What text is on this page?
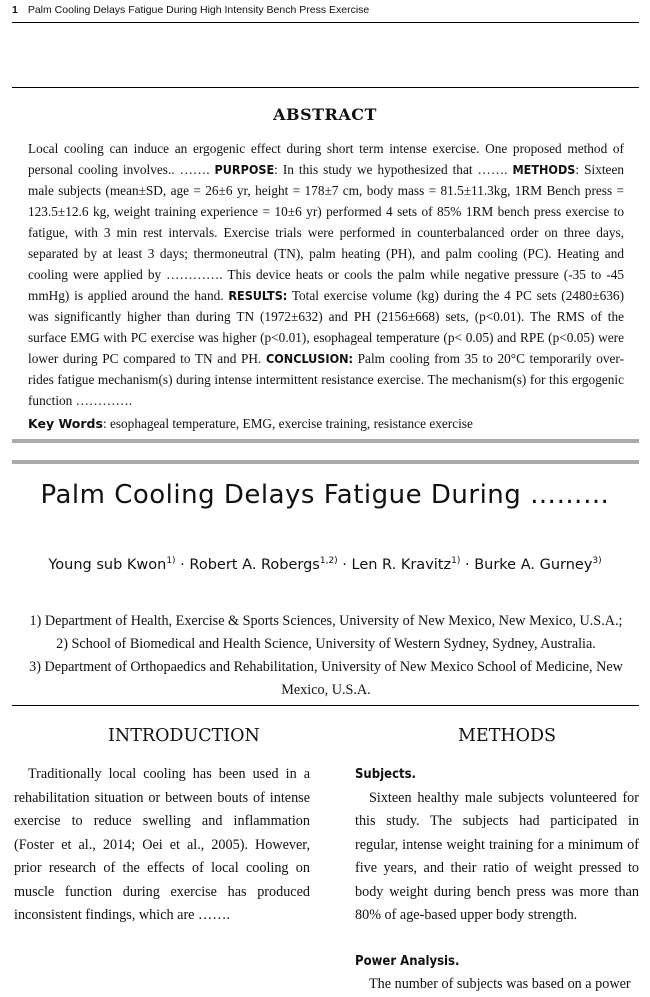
1 Palm Cooling Delays Fatigue During High Intensity Bench Press Exercise
ABSTRACT
Local cooling can induce an ergogenic effect during short term intense exercise. One proposed method of personal cooling involves.. ……. PURPOSE: In this study we hypothesized that ……. METHODS: Sixteen male subjects (mean±SD, age = 26±6 yr, height = 178±7 cm, body mass = 81.5±11.3kg, 1RM Bench press = 123.5±12.6 kg, weight training experience = 10±6 yr) performed 4 sets of 85% 1RM bench press exercise to fatigue, with 3 min rest intervals. Exercise trials were performed in counterbalanced order on three days, separated by at least 3 days; thermoneutral (TN), palm heating (PH), and palm cooling (PC). Heating and cooling were applied by …………. This device heats or cools the palm while negative pressure (-35 to -45 mmHg) is applied around the hand. RESULTS: Total exercise volume (kg) during the 4 PC sets (2480±636) was significantly higher than during TN (1972±632) and PH (2156±668) sets, (p<0.01). The RMS of the surface EMG with PC exercise was higher (p<0.01), esophageal temperature (p< 0.05) and RPE (p<0.05) were lower during PC compared to TN and PH. CONCLUSION: Palm cooling from 35 to 20°C temporarily over-rides fatigue mechanism(s) during intense intermittent resistance exercise. The mechanism(s) for this ergogenic function ………….
Key Words: esophageal temperature, EMG, exercise training, resistance exercise
Palm Cooling Delays Fatigue During ………
Young sub Kwon$^{1)}$ · Robert A. Robergs$^{1,2)}$ · Len R. Kravitz$^{1)}$ · Burke A. Gurney$^{3)}$
1) Department of Health, Exercise & Sports Sciences, University of New Mexico, New Mexico, U.S.A.;
2) School of Biomedical and Health Science, University of Western Sydney, Sydney, Australia.
3) Department of Orthopaedics and Rehabilitation, University of New Mexico School of Medicine, New Mexico, U.S.A.
INTRODUCTION	METHODS

Traditionally local cooling has been used in a rehabilitation situation or between bouts of intense exercise to reduce swelling and inflammation (Foster et al., 2014; Oei et al., 2005). However, prior research of the effects of local cooling on muscle function during exercise has produced inconsistent findings, which are …….

Subjects.

Sixteen healthy male subjects volunteered for this study. The subjects had participated in regular, intense weight training for a minimum of five years, and their ratio of weight pressed to body weight during bench press was more than 80% of age-based upper body strength.

Power Analysis.

The number of subjects was based on a power
